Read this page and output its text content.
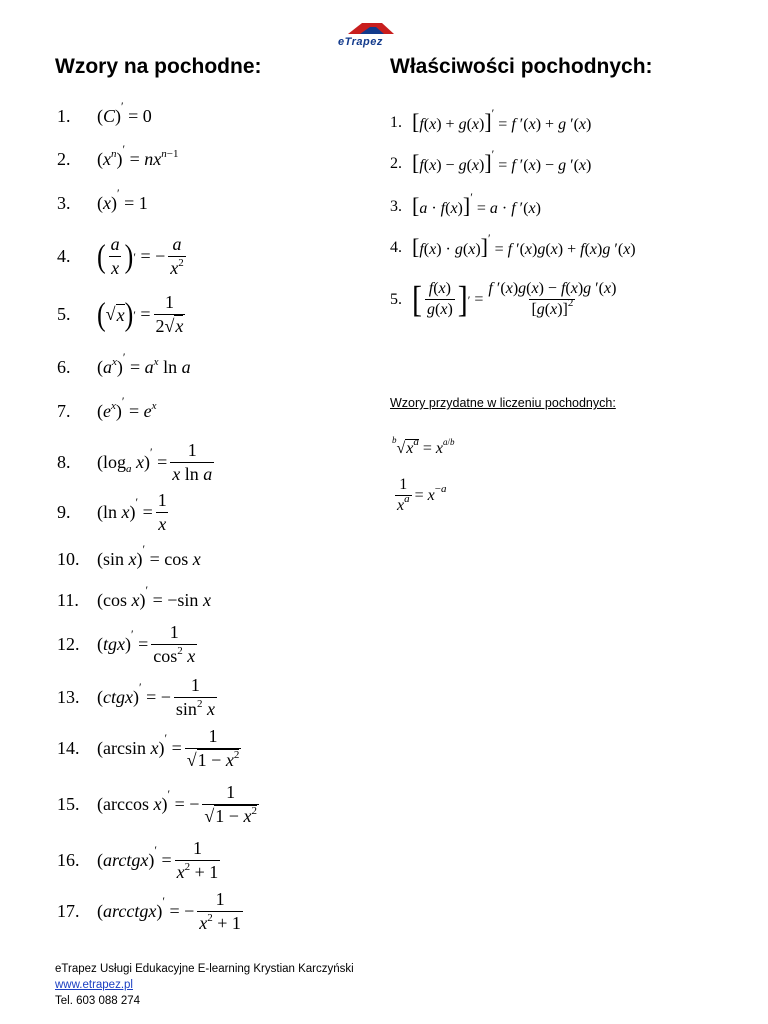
eTrapez
Wzory na pochodne:	Właściwości pochodnych:
1.	(C)′ = 0
2.	$(x^n)' = nx^{n-1}$
3.	(x)′ = 1
4.	( $\frac{a}{x}$ ) ′ = − $\frac{a}{x^2}$
5.	( √ x ) ′ = $\frac{1}{2√x}$
6.	$(a^x)' = a^x$ ln a
7.	$(e^x)' = e^x$
8.	($\log_a$ $x)' = \frac{1}{\text{x ln a}}$
9.	(ln $x)' = \frac{1}{x}$
10. (sin x)′ = cos x
11.	(cos x)′ = −sin x
12. $(tgx)' = \frac{1}{\cos^2 x}$
13. (ctgx)′ = − $\frac{1}{\sin^2 x}$
14. (arcsin $x)' = \frac{1}{√1 - x^2}$
15. (arccos x)′ = − $\frac{1}{√1 - x^2}$
16. (arctgx)′ = $\frac{1}{x^2 + 1}$
17. (arcctgx)′ = − $\frac{1}{x^2 + 1}$
1. [f(x) + g(x)]′ = f ′(x) + g ′(x)
2. [f(x) − g(x)]′ = f ′(x) − g ′(x)
3. [a · f(x)]′ = a · f ′(x)
4. [f(x) · g(x)]′ = f ′(x)g(x) + f(x)g ′(x)
5. [ $\frac{f(x)}{g(x)}$ ] ′ = $\frac{f '(x)g(x) - f(x)g '(x)}{[g(x)]^2}$
Wzory przydatne w liczeniu pochodnych:
$^b√x^a = x^{a/b}$
$\frac{1}{x^a} = x^{-a}$
eTrapez Usługi Edukacyjne E-learning Krystian Karczyński
www.etrapez.pl
Tel. 603 088 274
